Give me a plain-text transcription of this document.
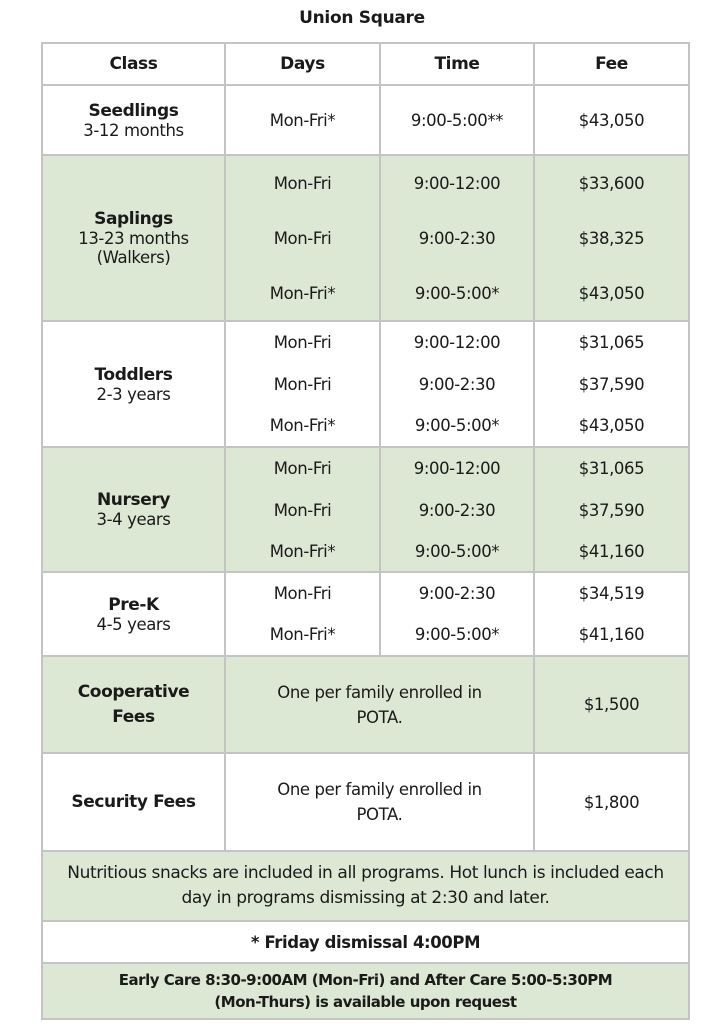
Union Square
Class	Days	Time	Fee

Seedlings
3-12 months	Mon-Fri*	9:00-5:00**	$43,050

Saplings
13-23 months
(Walkers)	Mon-Fri	9:00-12:00	$33,600
	Mon-Fri	9:00-2:30	$38,325
	Mon-Fri*	9:00-5:00*	$43,050

Toddlers
2-3 years	Mon-Fri	9:00-12:00	$31,065
	Mon-Fri	9:00-2:30	$37,590
	Mon-Fri*	9:00-5:00*	$43,050

Nursery
3-4 years	Mon-Fri	9:00-12:00	$31,065
	Mon-Fri	9:00-2:30	$37,590
	Mon-Fri*	9:00-5:00*	$41,160

Pre-K
4-5 years	Mon-Fri	9:00-2:30	$34,519
	Mon-Fri*	9:00-5:00*	$41,160

Cooperative
Fees	One per family enrolled in POTA.		$1,500

Security Fees	One per family enrolled in POTA.		$1,800
Nutritious snacks are included in all programs. Hot lunch is included each day in programs dismissing at 2:30 and later.			
* Friday dismissal 4:00PM			
Early Care 8:30-9:00AM (Mon-Fri) and After Care 5:00-5:30PM (Mon-Thurs) is available upon request			
